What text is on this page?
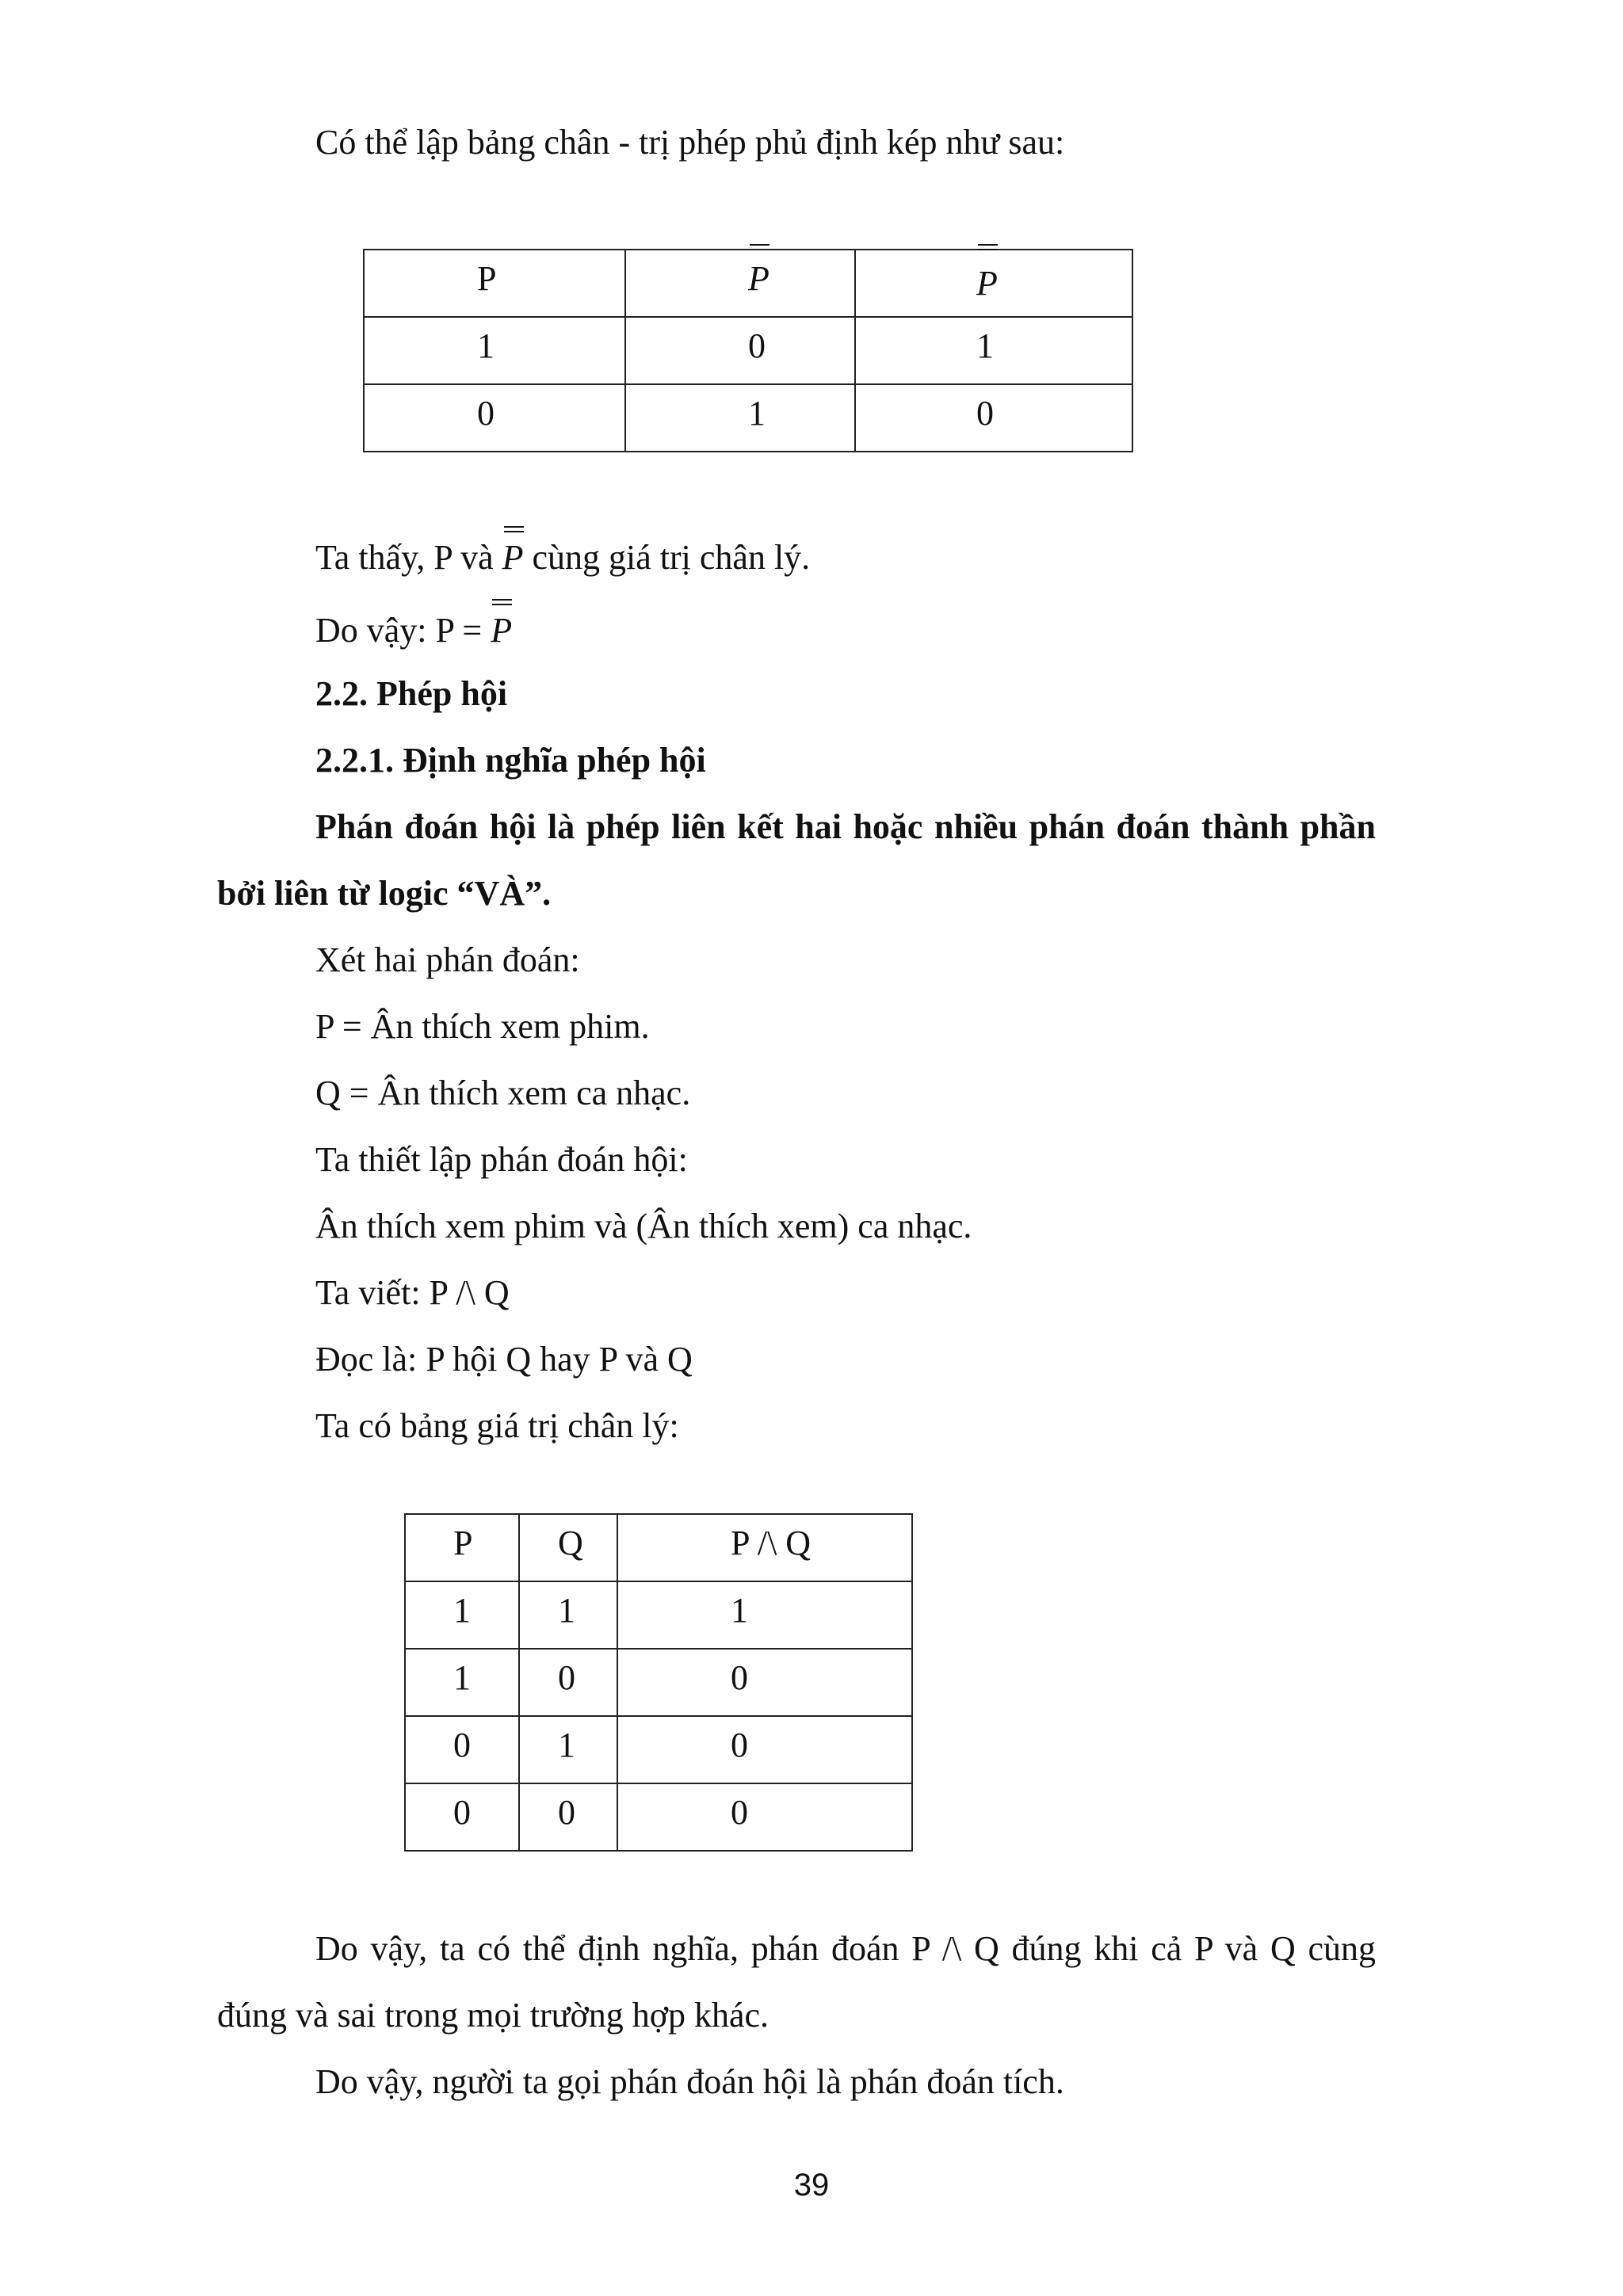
Có thể lập bảng chân - trị phép phủ định kép như sau:
P	P	P
1	0	1
0	1	0
Ta thấy, P và P cùng giá trị chân lý.
Do vậy: P = P
2.2. Phép hội
2.2.1. Định nghĩa phép hội
Phán đoán hội là phép liên kết hai hoặc nhiều phán đoán thành phần
bởi liên từ logic “VÀ”.
Xét hai phán đoán:
P = Ân thích xem phim.
Q = Ân thích xem ca nhạc.
Ta thiết lập phán đoán hội:
Ân thích xem phim và (Ân thích xem) ca nhạc.
Ta viết: P /\ Q
Đọc là: P hội Q hay P và Q
Ta có bảng giá trị chân lý:
P	Q	P /\ Q
1	1	1
1	0	0
0	1	0
0	0	0
Do vậy, ta có thể định nghĩa, phán đoán P /\ Q đúng khi cả P và Q cùng
đúng và sai trong mọi trường hợp khác.
Do vậy, người ta gọi phán đoán hội là phán đoán tích.
39
